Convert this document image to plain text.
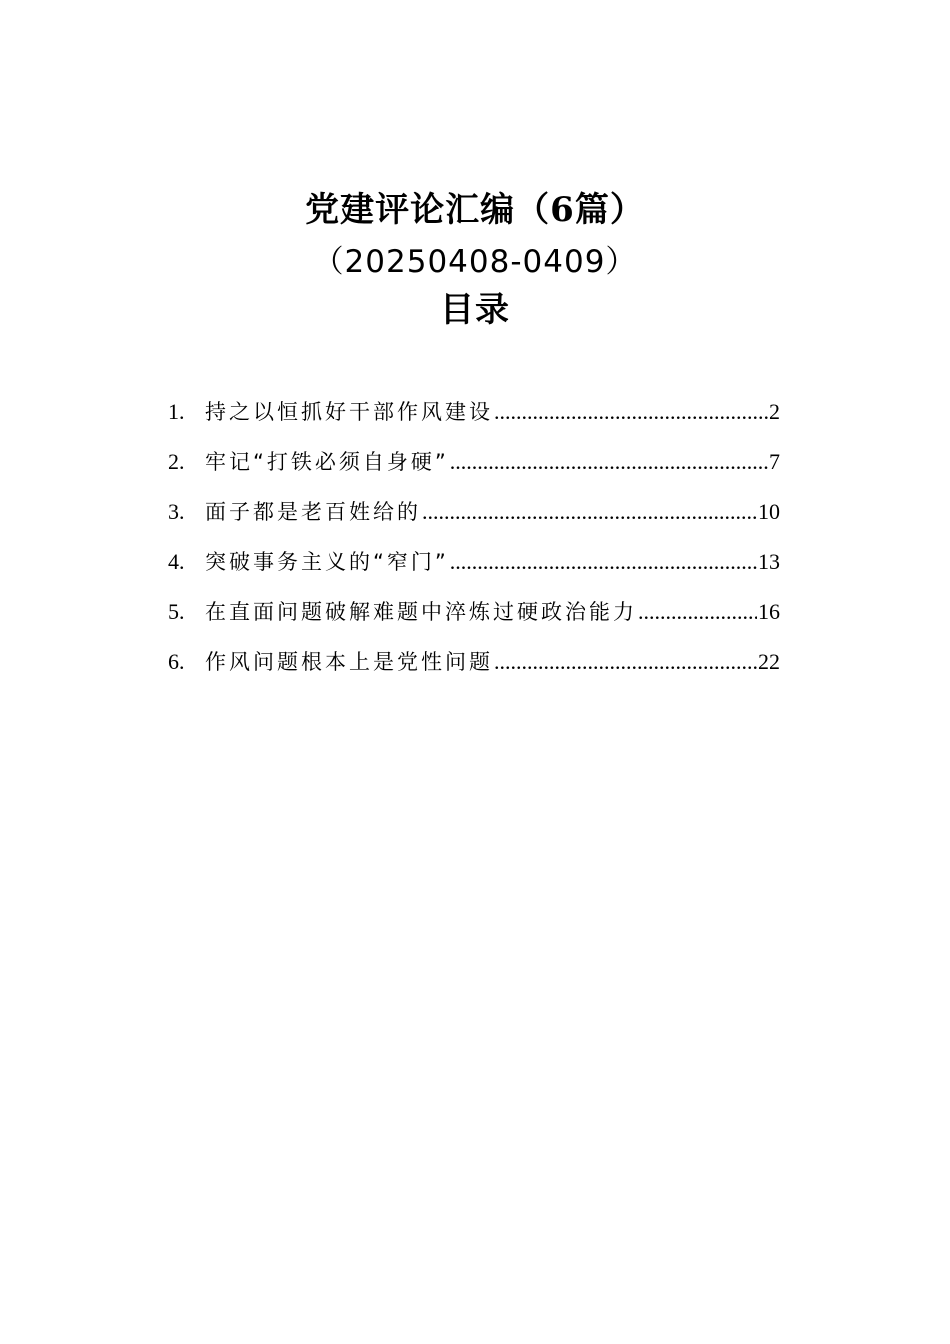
党建评论汇编（6篇）
（20250408-0409）
目录
1. 持之以恒抓好干部作风建设 .....	2
2. 牢记“打铁必须自身硬” .....	7
3. 面子都是老百姓给的 .....	10
4. 突破事务主义的“窄门” .....	13
5. 在直面问题破解难题中淬炼过硬政治能力 .....	16
6. 作风问题根本上是党性问题 .....	22
